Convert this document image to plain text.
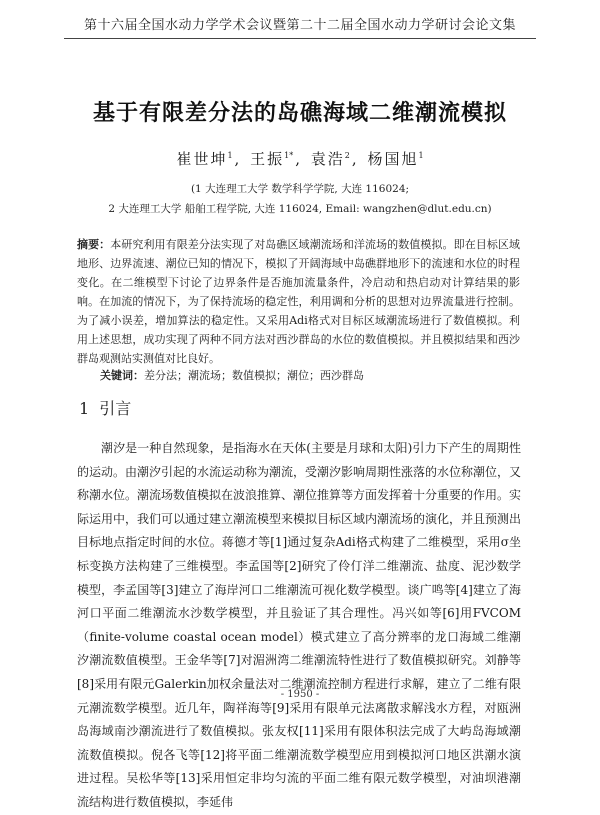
第十六届全国水动力学学术会议暨第二十二届全国水动力学研讨会论文集
基于有限差分法的岛礁海域二维潮流模拟
崔世坤$^1$ , 王振$^{1*}$ , 袁浩$^2$ , 杨国旭$^1$
(1 大连理工大学 数学科学学院, 大连 116024;
2 大连理工大学 船舶工程学院, 大连 116024, Email: wangzhen@dlut.edu.cn)
摘要：本研究利用有限差分法实现了对岛礁区域潮流场和洋流场的数值模拟。即在目标区域地形、边界流速、潮位已知的情况下，模拟了开阔海域中岛礁群地形下的流速和水位的时程变化。在二维模型下讨论了边界条件是否施加流量条件，冷启动和热启动对计算结果的影响。在加流的情况下，为了保持流场的稳定性，利用调和分析的思想对边界流量进行控制。为了减小误差，增加算法的稳定性。又采用Adi格式对目标区域潮流场进行了数值模拟。利用上述思想，成功实现了两种不同方法对西沙群岛的水位的数值模拟。并且模拟结果和西沙群岛观测站实测值对比良好。
关键词：差分法；潮流场；数值模拟；潮位；西沙群岛
1 引言
潮汐是一种自然现象，是指海水在天体(主要是月球和太阳)引力下产生的周期性的运动。由潮汐引起的水流运动称为潮流，受潮汐影响周期性涨落的水位称潮位，又称潮水位。潮流场数值模拟在波浪推算、潮位推算等方面发挥着十分重要的作用。实际运用中，我们可以通过建立潮流模型来模拟目标区域内潮流场的演化，并且预测出目标地点指定时间的水位。蒋德才等[1]通过复杂Adi格式构建了二维模型，采用σ坐标变换方法构建了三维模型。李孟国等[2]研究了伶仃洋二维潮流、盐度、泥沙数学模型，李孟国等[3]建立了海岸河口二维潮流可视化数学模型。谈广鸣等[4]建立了海河口平面二维潮流水沙数学模型，并且验证了其合理性。冯兴如等[6]用FVCOM（finite-volume coastal ocean model）模式建立了高分辨率的龙口海域二维潮汐潮流数值模型。王金华等[7]对湄洲湾二维潮流特性进行了数值模拟研究。刘静等[8]采用有限元Galerkin加权余量法对二维潮流控制方程进行求解，建立了二维有限元潮流数学模型。近几年，陶祥海等[9]采用有限单元法离散求解浅水方程，对瓯洲岛海域南沙潮流进行了数值模拟。张友权[11]采用有限体积法完成了大屿岛海域潮流数值模拟。倪各飞等[12]将平面二维潮流数学模型应用到模拟河口地区洪潮水演进过程。吴松华等[13]采用恒定非均匀流的平面二维有限元数学模型，对油坝港潮流结构进行数值模拟，李延伟
- 1950 -
